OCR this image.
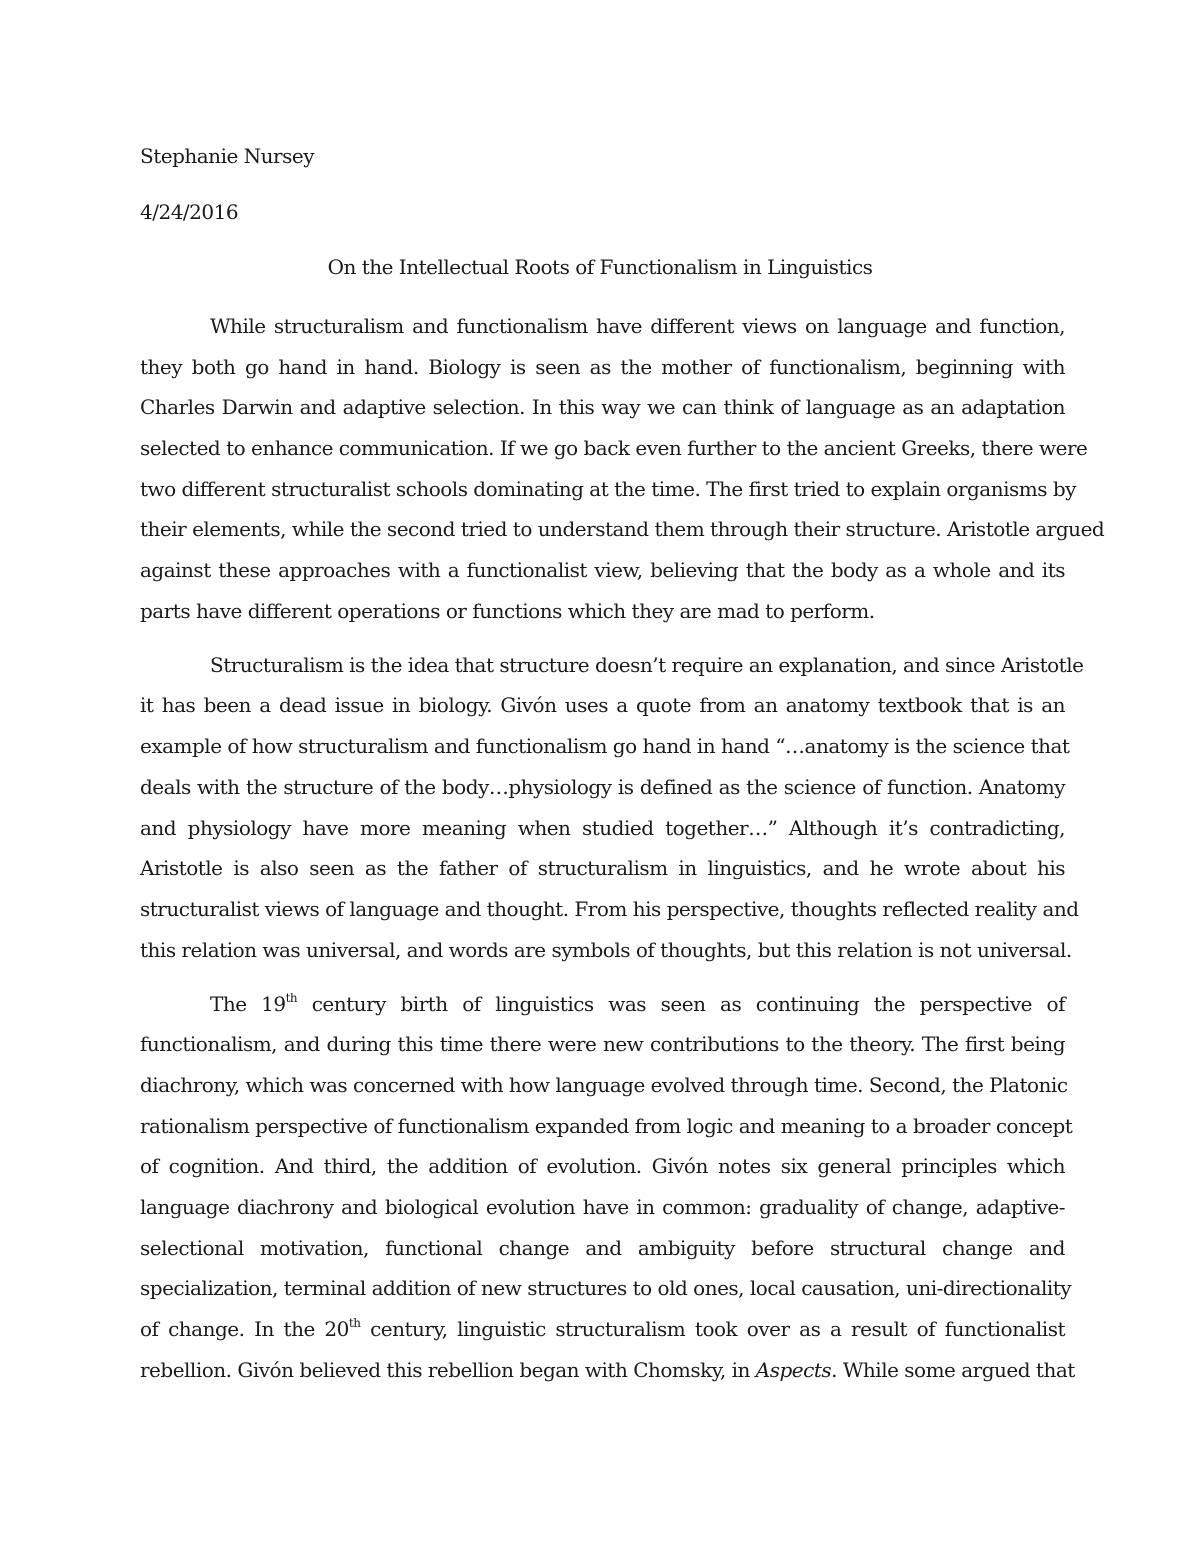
Stephanie Nursey

4/24/2016

On the Intellectual Roots of Functionalism in Linguistics

While structuralism and functionalism have different views on language and function,
they both go hand in hand. Biology is seen as the mother of functionalism, beginning with
Charles Darwin and adaptive selection. In this way we can think of language as an adaptation
selected to enhance communication. If we go back even further to the ancient Greeks, there were
two different structuralist schools dominating at the time. The first tried to explain organisms by
their elements, while the second tried to understand them through their structure. Aristotle argued
against these approaches with a functionalist view, believing that the body as a whole and its
parts have different operations or functions which they are mad to perform.

Structuralism is the idea that structure doesn’t require an explanation, and since Aristotle
it has been a dead issue in biology. Givón uses a quote from an anatomy textbook that is an
example of how structuralism and functionalism go hand in hand “…anatomy is the science that
deals with the structure of the body…physiology is defined as the science of function. Anatomy
and physiology have more meaning when studied together…” Although it’s contradicting,
Aristotle is also seen as the father of structuralism in linguistics, and he wrote about his
structuralist views of language and thought. From his perspective, thoughts reflected reality and
this relation was universal, and words are symbols of thoughts, but this relation is not universal.

The 19th century birth of linguistics was seen as continuing the perspective of
functionalism, and during this time there were new contributions to the theory. The first being
diachrony, which was concerned with how language evolved through time. Second, the Platonic
rationalism perspective of functionalism expanded from logic and meaning to a broader concept
of cognition. And third, the addition of evolution. Givón notes six general principles which
language diachrony and biological evolution have in common: graduality of change, adaptive-
selectional motivation, functional change and ambiguity before structural change and
specialization, terminal addition of new structures to old ones, local causation, uni-directionality
of change. In the 20th century, linguistic structuralism took over as a result of functionalist
rebellion. Givón believed this rebellion began with Chomsky, in Aspects. While some argued that
